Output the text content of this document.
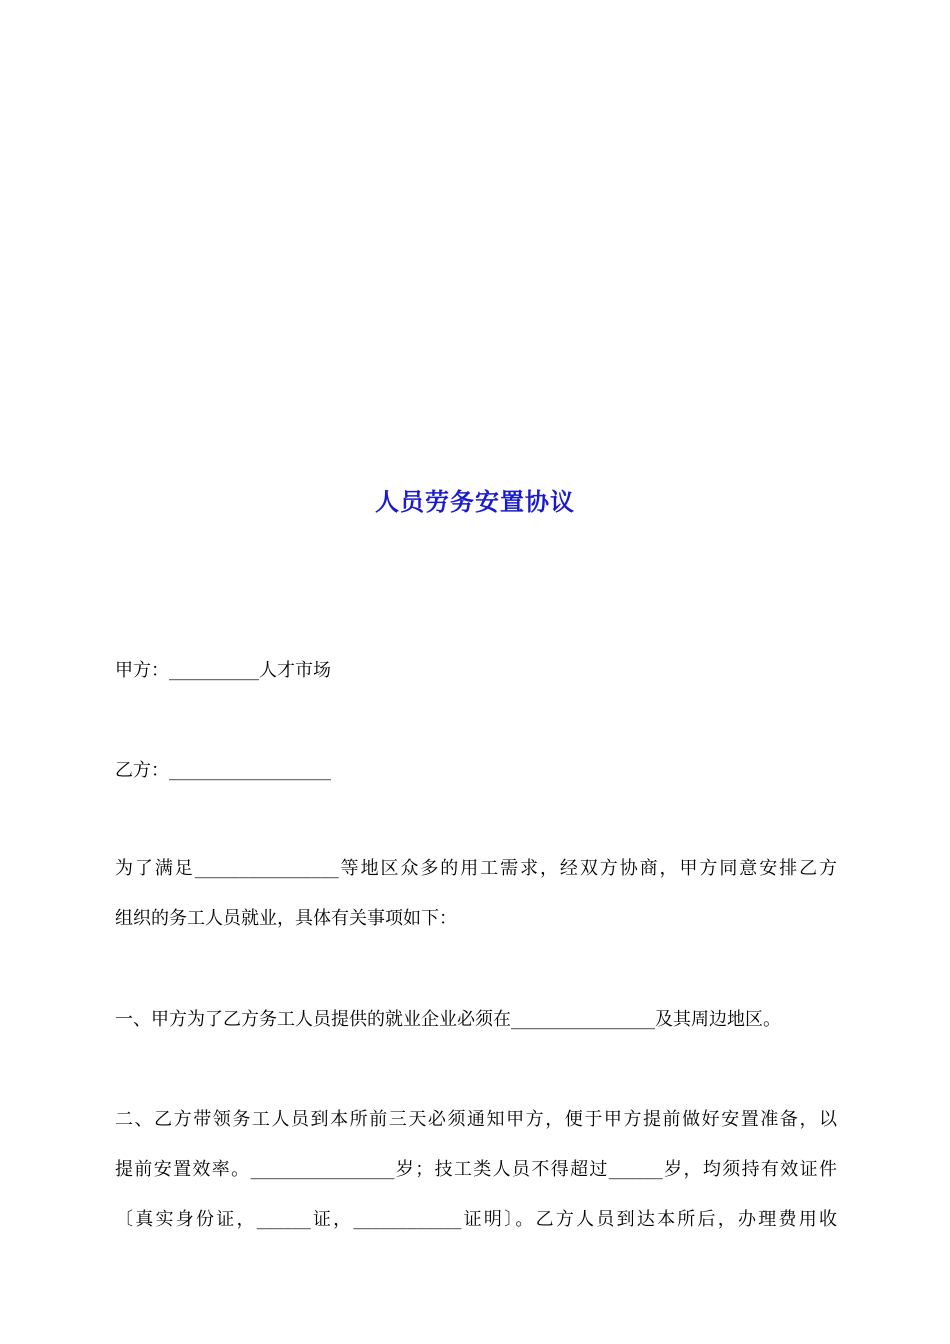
人员劳务安置协议
甲方：__________人才市场
乙方：__________________
为了满足________________等地区众多的用工需求，经双方协商，甲方同意安排乙方
组织的务工人员就业，具体有关事项如下：
一、甲方为了乙方务工人员提供的就业企业必须在________________及其周边地区。
二、乙方带领务工人员到本所前三天必须通知甲方，便于甲方提前做好安置准备，以
提前安置效率。________________岁；技工类人员不得超过______岁，均须持有效证件
〔真实身份证，______证，____________证明〕。乙方人员到达本所后，办理费用收
